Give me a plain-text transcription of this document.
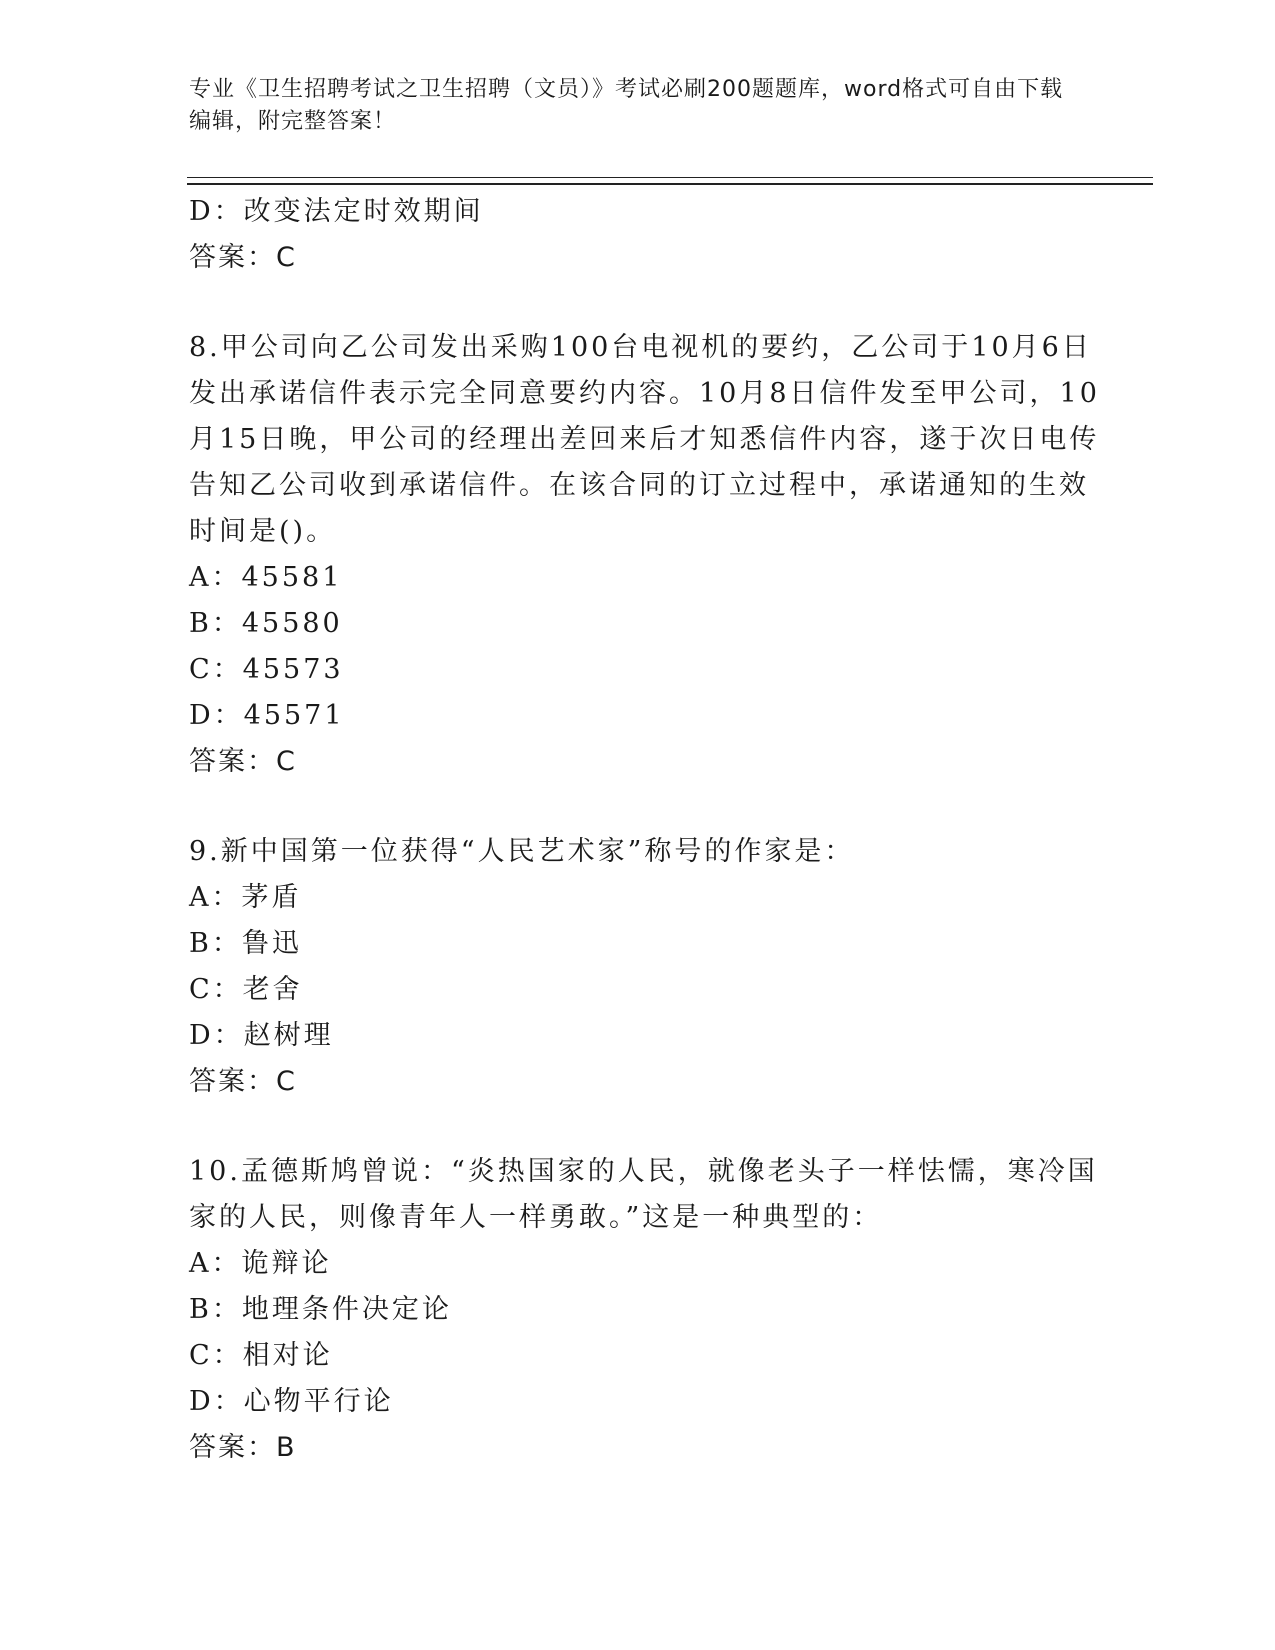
专业《卫生招聘考试之卫生招聘（文员）》考试必刷200题题库，word格式可自由下载编辑，附完整答案！

D：改变法定时效期间

答案：C

8.甲公司向乙公司发出采购100台电视机的要约，乙公司于10月6日

发出承诺信件表示完全同意要约内容。10月8日信件发至甲公司，10

月15日晚，甲公司的经理出差回来后才知悉信件内容，遂于次日电传

告知乙公司收到承诺信件。在该合同的订立过程中，承诺通知的生效

时间是()。

A：45581

B：45580

C：45573

D：45571

答案：C

9.新中国第一位获得“人民艺术家”称号的作家是：

A：茅盾

B：鲁迅

C：老舍

D：赵树理

答案：C

10.孟德斯鸠曾说：“炎热国家的人民，就像老头子一样怯懦，寒冷国

家的人民，则像青年人一样勇敢。”这是一种典型的：

A：诡辩论

B：地理条件决定论

C：相对论

D：心物平行论

答案：B
